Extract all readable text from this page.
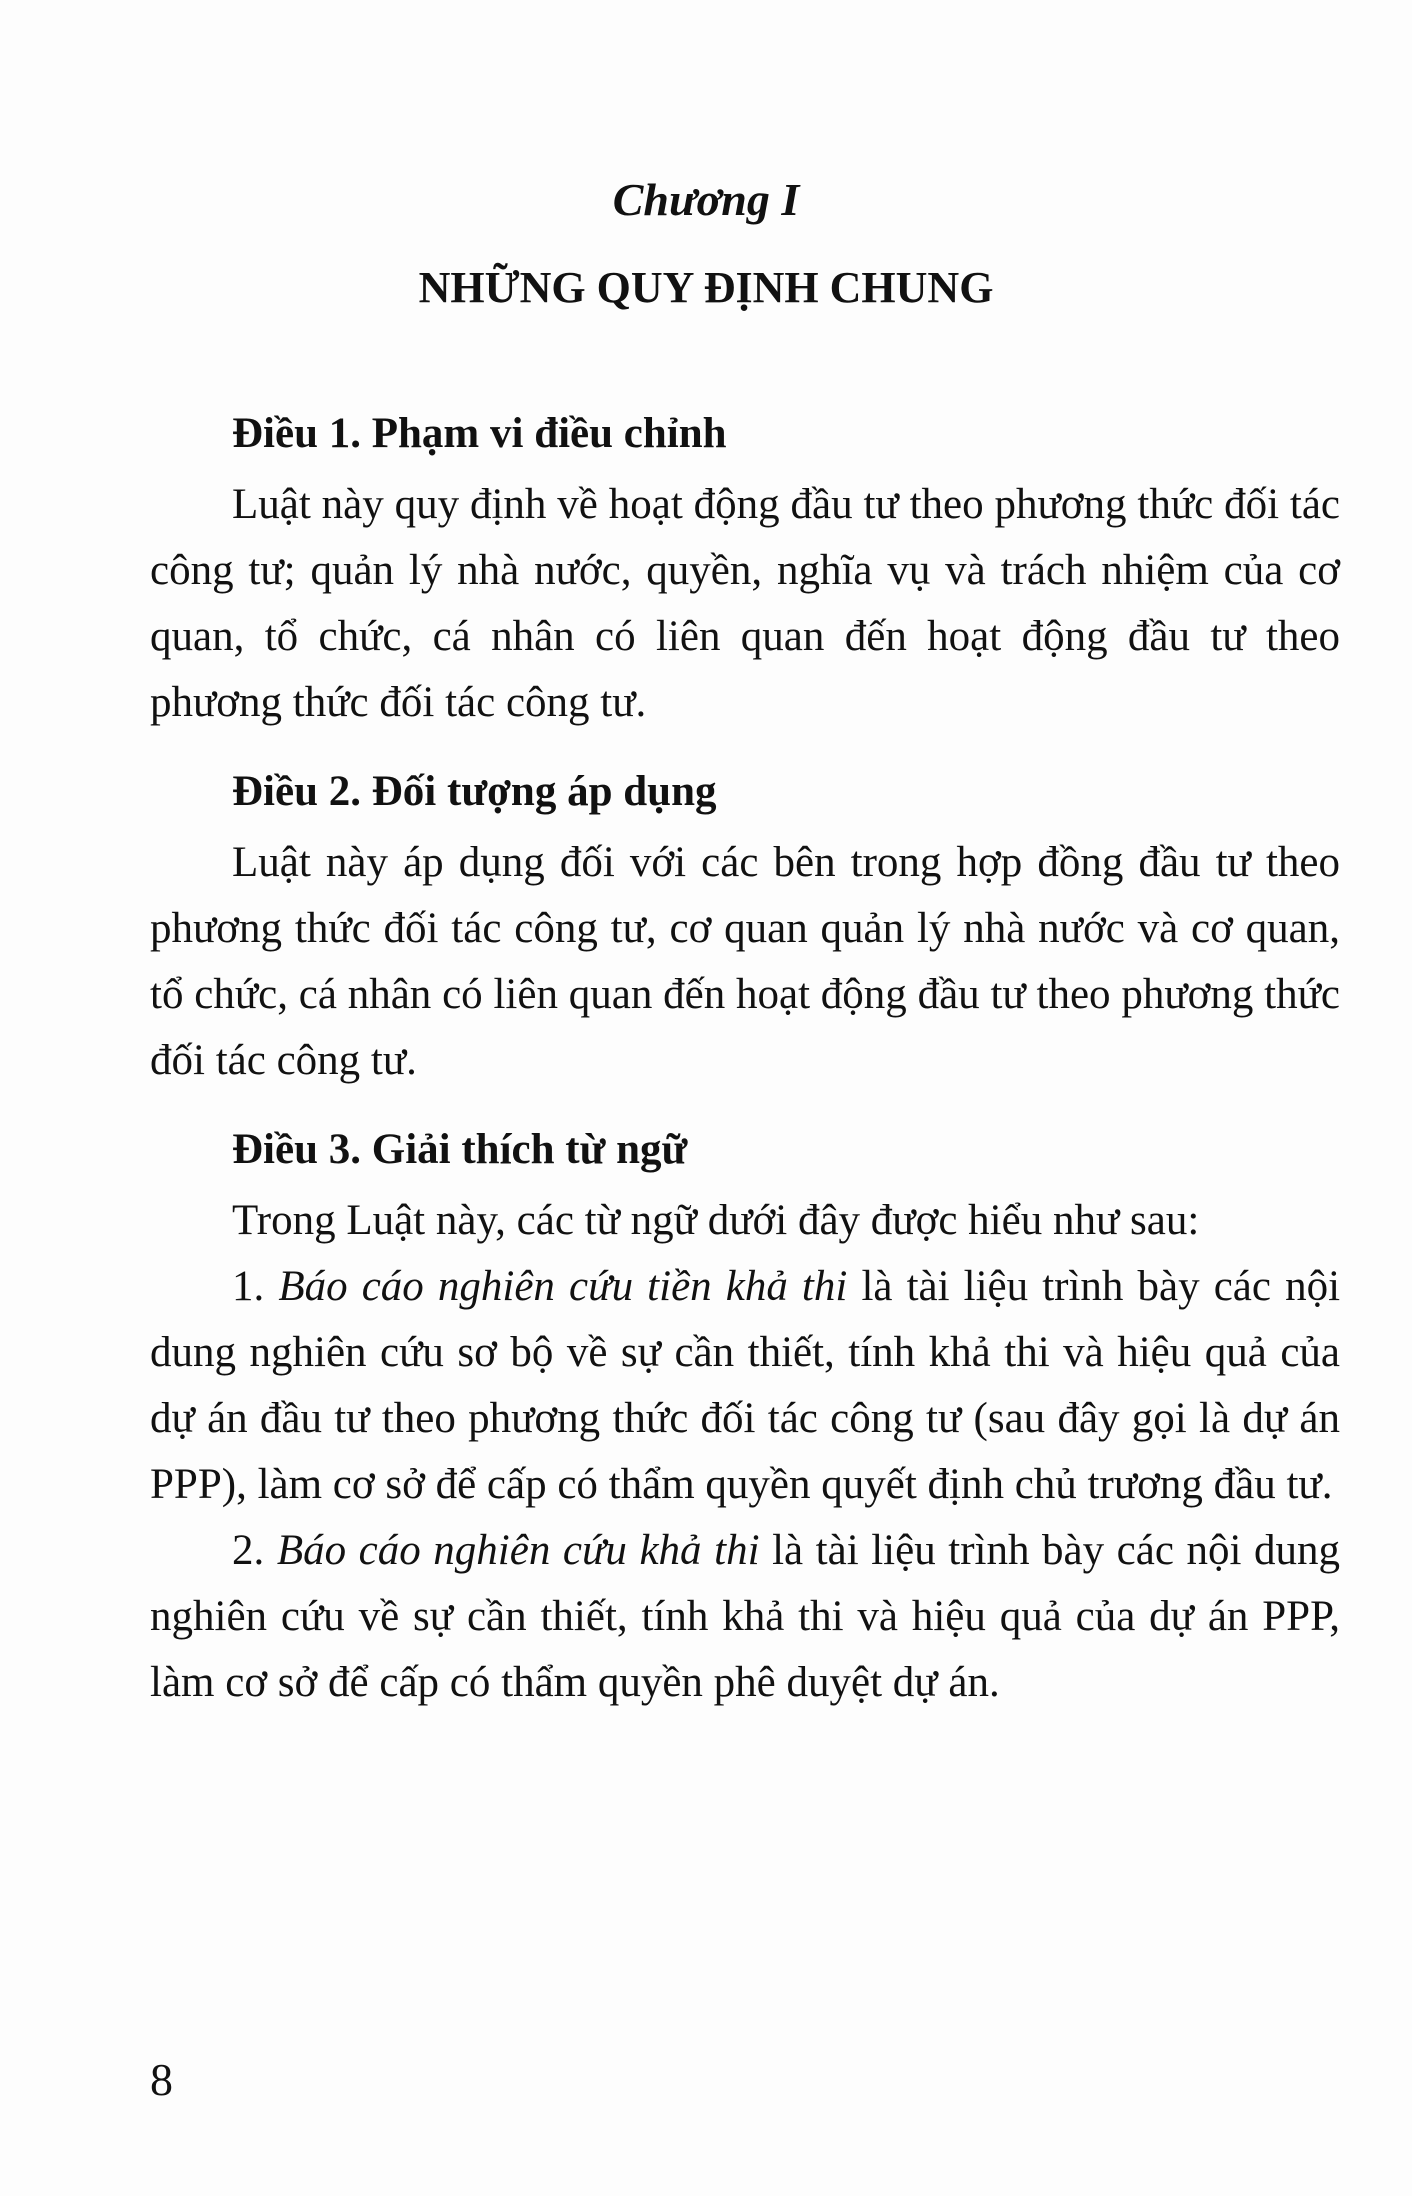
Chương I

NHỮNG QUY ĐỊNH CHUNG

Điều 1. Phạm vi điều chỉnh

Luật này quy định về hoạt động đầu tư theo phương thức đối tác công tư; quản lý nhà nước, quyền, nghĩa vụ và trách nhiệm của cơ quan, tổ chức, cá nhân có liên quan đến hoạt động đầu tư theo phương thức đối tác công tư.

Điều 2. Đối tượng áp dụng

Luật này áp dụng đối với các bên trong hợp đồng đầu tư theo phương thức đối tác công tư, cơ quan quản lý nhà nước và cơ quan, tổ chức, cá nhân có liên quan đến hoạt động đầu tư theo phương thức đối tác công tư.

Điều 3. Giải thích từ ngữ

Trong Luật này, các từ ngữ dưới đây được hiểu như sau:

1. Báo cáo nghiên cứu tiền khả thi là tài liệu trình bày các nội dung nghiên cứu sơ bộ về sự cần thiết, tính khả thi và hiệu quả của dự án đầu tư theo phương thức đối tác công tư (sau đây gọi là dự án PPP), làm cơ sở để cấp có thẩm quyền quyết định chủ trương đầu tư.

2. Báo cáo nghiên cứu khả thi là tài liệu trình bày các nội dung nghiên cứu về sự cần thiết, tính khả thi và hiệu quả của dự án PPP, làm cơ sở để cấp có thẩm quyền phê duyệt dự án.

8
